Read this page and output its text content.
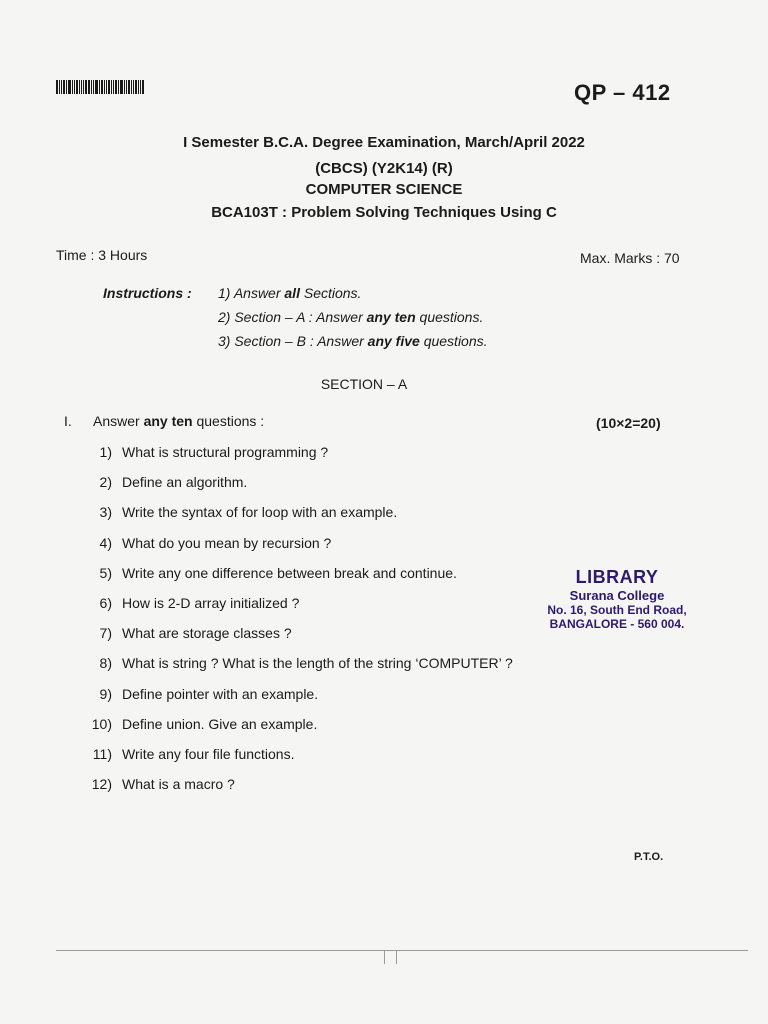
QP – 412
I Semester B.C.A. Degree Examination, March/April 2022
(CBCS) (Y2K14) (R)
COMPUTER SCIENCE
BCA103T : Problem Solving Techniques Using C
Time : 3 Hours	Max. Marks : 70
Instructions : 1) Answer all Sections.
2) Section – A : Answer any ten questions.
3) Section – B : Answer any five questions.
SECTION – A
I. Answer any ten questions :	(10×2=20)
1) What is structural programming ?
2) Define an algorithm.
3) Write the syntax of for loop with an example.
4) What do you mean by recursion ?
5) Write any one difference between break and continue.
6) How is 2-D array initialized ?
7) What are storage classes ?
8) What is string ? What is the length of the string ‘COMPUTER’ ?
9) Define pointer with an example.
10) Define union. Give an example.
11) Write any four file functions.
12) What is a macro ?
LIBRARY
Surana College
No. 16, South End Road,
BANGALORE - 560 004.
P.T.O.
